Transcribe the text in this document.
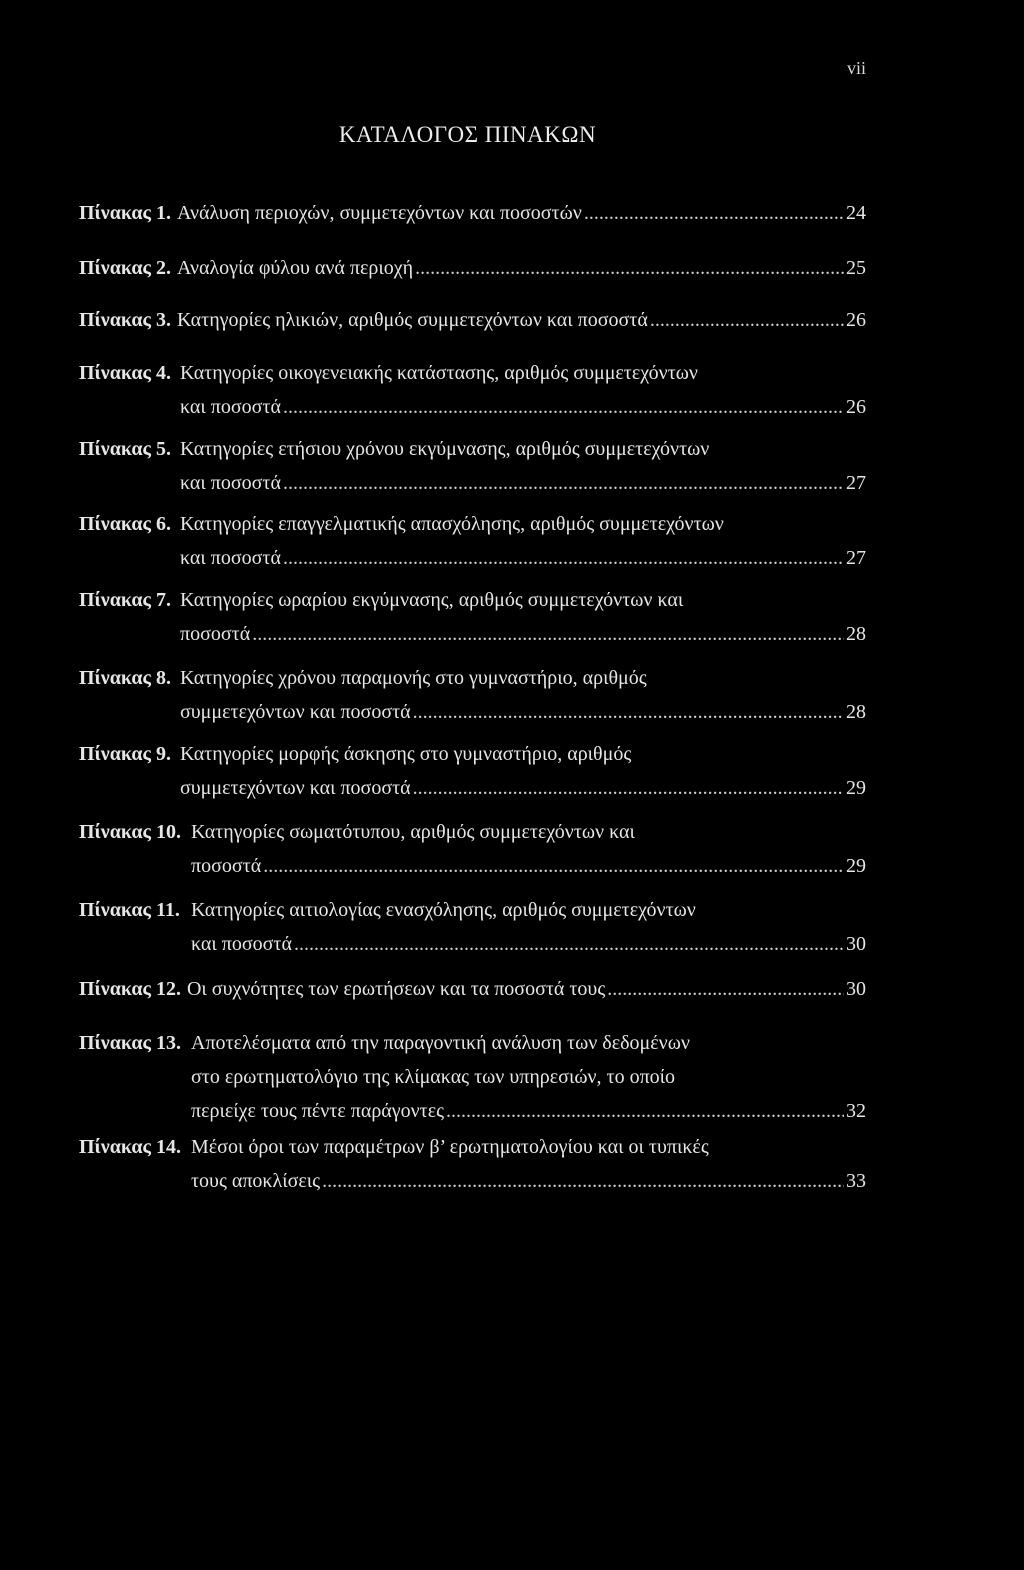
vii
ΚΑΤΑΛΟΓΟΣ ΠΙΝΑΚΩΝ
Πίνακας 1. Ανάλυση περιοχών, συμμετεχόντων και ποσοστών .....	24
Πίνακας 2. Αναλογία φύλου ανά περιοχή .....	25
Πίνακας 3. Κατηγορίες ηλικιών, αριθμός συμμετεχόντων και ποσοστά .....	26
Πίνακας 4. Κατηγορίες οικογενειακής κατάστασης, αριθμός συμμετεχόντων
και ποσοστά .....	26
Πίνακας 5. Κατηγορίες ετήσιου χρόνου εκγύμνασης, αριθμός συμμετεχόντων
και ποσοστά .....	27
Πίνακας 6. Κατηγορίες επαγγελματικής απασχόλησης, αριθμός συμμετεχόντων
και ποσοστά .....	27
Πίνακας 7. Κατηγορίες ωραρίου εκγύμνασης, αριθμός συμμετεχόντων και
ποσοστά .....	28
Πίνακας 8. Κατηγορίες χρόνου παραμονής στο γυμναστήριο, αριθμός
συμμετεχόντων και ποσοστά .....	28
Πίνακας 9. Κατηγορίες μορφής άσκησης στο γυμναστήριο, αριθμός
συμμετεχόντων και ποσοστά .....	29
Πίνακας 10. Κατηγορίες σωματότυπου, αριθμός συμμετεχόντων και
ποσοστά .....	29
Πίνακας 11. Κατηγορίες αιτιολογίας ενασχόλησης, αριθμός συμμετεχόντων
και ποσοστά .....	30
Πίνακας 12. Οι συχνότητες των ερωτήσεων και τα ποσοστά τους .....	30
Πίνακας 13. Αποτελέσματα από την παραγοντική ανάλυση των δεδομένων
στο ερωτηματολόγιο της κλίμακας των υπηρεσιών, το οποίο
περιείχε τους πέντε παράγοντες .....	32
Πίνακας 14. Μέσοι όροι των παραμέτρων β’ ερωτηματολογίου και οι τυπικές
τους αποκλίσεις .....	33
